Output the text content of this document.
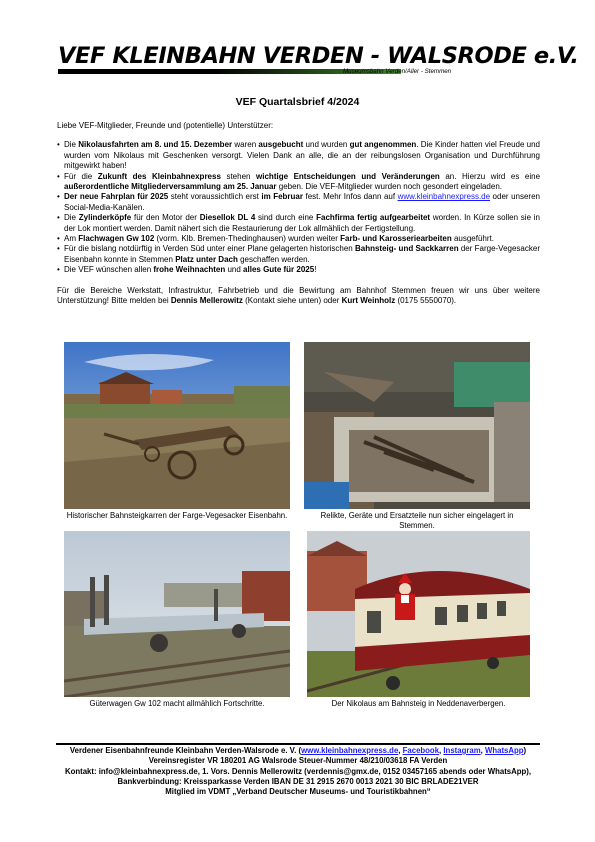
VEF KLEINBAHN VERDEN - WALSRODE e.V.
Museumsbahn Verden/Aller - Stemmen
VEF Quartalsbrief 4/2024

Liebe VEF-Mitglieder, Freunde und (potentielle) Unterstützer:

• Die Nikolausfahrten am 8. und 15. Dezember waren ausgebucht und wurden gut angenommen. Die Kinder hatten viel Freude und wurden vom Nikolaus mit Geschenken versorgt. Vielen Dank an alle, die an der reibungslosen Organisation und Durchführung mitgewirkt haben!
• Für die Zukunft des Kleinbahnexpress stehen wichtige Entscheidungen und Veränderungen an. Hierzu wird es eine außerordentliche Mitgliederversammlung am 25. Januar geben. Die VEF-Mitglieder wurden noch gesondert eingeladen.
• Der neue Fahrplan für 2025 steht voraussichtlich erst im Februar fest. Mehr Infos dann auf www.kleinbahnexpress.de oder unseren Social-Media-Kanälen.
• Die Zylinderköpfe für den Motor der Diesellok DL 4 sind durch eine Fachfirma fertig aufgearbeitet worden. In Kürze sollen sie in der Lok montiert werden. Damit nähert sich die Restaurierung der Lok allmählich der Fertigstellung.
• Am Flachwagen Gw 102 (vorm. Klb. Bremen-Thedinghausen) wurden weiter Farb- und Karosseriearbeiten ausgeführt.
• Für die bislang notdürftig in Verden Süd unter einer Plane gelagerten historischen Bahnsteig- und Sackkarren der Farge-Vegesacker Eisenbahn konnte in Stemmen Platz unter Dach geschaffen werden.
• Die VEF wünschen allen frohe Weihnachten und alles Gute für 2025!

Für die Bereiche Werkstatt, Infrastruktur, Fahrbetrieb und die Bewirtung am Bahnhof Stemmen freuen wir uns über weitere Unterstützung! Bitte melden bei Dennis Mellerowitz (Kontakt siehe unten) oder Kurt Weinholz (0175 5550070).

Historischer Bahnsteigkarren der Farge-Vegesacker Eisenbahn.	Relikte, Geräte und Ersatzteile nun sicher eingelagert in Stemmen.
Güterwagen Gw 102 macht allmählich Fortschritte.	Der Nikolaus am Bahnsteig in Neddenaverbergen.
Verdener Eisenbahnfreunde Kleinbahn Verden-Walsrode e. V. (www.kleinbahnexpress.de, Facebook, Instagram, WhatsApp) Vereinsregister VR 180201 AG Walsrode Steuer-Nummer 48/210/03618 FA Verden
Kontakt: info@kleinbahnexpress.de, 1. Vors. Dennis Mellerowitz (verdennis@gmx.de, 0152 03457165 abends oder WhatsApp), Bankverbindung: Kreissparkasse Verden IBAN DE 31 2915 2670 0013 2021 30 BIC BRLADE21VER
Mitglied im VDMT „Verband Deutscher Museums- und Touristikbahnen“
